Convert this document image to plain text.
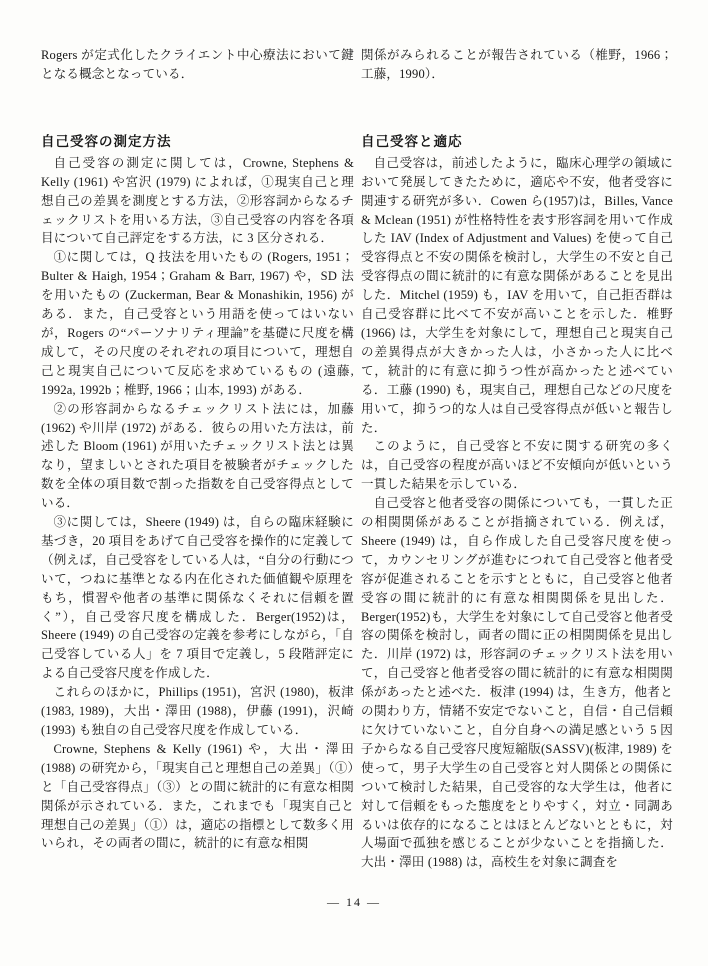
Rogers が定式化したクライエント中心療法において鍵となる概念となっている．

自己受容の測定方法

自己受容の測定に関しては，Crowne, Stephens & Kelly (1961) や宮沢 (1979) によれば，①現実自己と理想自己の差異を測度とする方法，②形容詞からなるチェックリストを用いる方法，③自己受容の内容を各項目について自己評定をする方法，に 3 区分される．

①に関しては，Q 技法を用いたもの (Rogers, 1951；Bulter & Haigh, 1954；Graham & Barr, 1967) や，SD 法を用いたもの (Zuckerman, Bear & Monashikin, 1956) がある．また，自己受容という用語を使ってはいないが，Rogers の“パーソナリティ理論”を基礎に尺度を構成して，その尺度のそれぞれの項目について，理想自己と現実自己について反応を求めているもの (遠藤, 1992a, 1992b；椎野, 1966；山本, 1993) がある．

②の形容詞からなるチェックリスト法には，加藤 (1962) や川岸 (1972) がある．彼らの用いた方法は，前述した Bloom (1961) が用いたチェックリスト法とは異なり，望ましいとされた項目を被験者がチェックした数を全体の項目数で割った指数を自己受容得点としている．

③に関しては，Sheere (1949) は，自らの臨床経験に基づき，20 項目をあげて自己受容を操作的に定義して（例えば，自己受容をしている人は，“自分の行動について，つねに基準となる内在化された価値観や原理をもち，慣習や他者の基準に関係なくそれに信頼を置く”），自己受容尺度を構成した．Berger(1952)は，Sheere (1949) の自己受容の定義を参考にしながら，「自己受容している人」を 7 項目で定義し，5 段階評定による自己受容尺度を作成した．

これらのほかに，Phillips (1951)，宮沢 (1980)，板津 (1983, 1989)，大出・澤田 (1988)，伊藤 (1991)，沢崎 (1993) も独自の自己受容尺度を作成している．

Crowne, Stephens & Kelly (1961) や，大出・澤田 (1988) の研究から，「現実自己と理想自己の差異」（①）と「自己受容得点」（③）との間に統計的に有意な相関関係が示されている．また，これまでも「現実自己と理想自己の差異」（①）は，適応の指標として数多く用いられ，その両者の間に，統計的に有意な相関

関係がみられることが報告されている（椎野，1966；工藤，1990）．

自己受容と適応

自己受容は，前述したように，臨床心理学の領域において発展してきたために，適応や不安，他者受容に関連する研究が多い．Cowen ら(1957)は，Billes, Vance & Mclean (1951) が性格特性を表す形容詞を用いて作成した IAV (Index of Adjustment and Values) を使って自己受容得点と不安の関係を検討し，大学生の不安と自己受容得点の間に統計的に有意な関係があることを見出した．Mitchel (1959) も，IAV を用いて，自己拒否群は自己受容群に比べて不安が高いことを示した．椎野 (1966) は，大学生を対象にして，理想自己と現実自己の差異得点が大きかった人は，小さかった人に比べて，統計的に有意に抑うつ性が高かったと述べている．工藤 (1990) も，現実自己，理想自己などの尺度を用いて，抑うつ的な人は自己受容得点が低いと報告した．

このように，自己受容と不安に関する研究の多くは，自己受容の程度が高いほど不安傾向が低いという一貫した結果を示している．

自己受容と他者受容の関係についても，一貫した正の相関関係があることが指摘されている．例えば，Sheere (1949) は，自ら作成した自己受容尺度を使って，カウンセリングが進むにつれて自己受容と他者受容が促進されることを示すとともに，自己受容と他者受容の間に統計的に有意な相関関係を見出した．Berger(1952)も，大学生を対象にして自己受容と他者受容の関係を検討し，両者の間に正の相関関係を見出した．川岸 (1972) は，形容詞のチェックリスト法を用いて，自己受容と他者受容の間に統計的に有意な相関関係があったと述べた．板津 (1994) は，生き方，他者との関わり方，情緒不安定でないこと，自信・自己信頼に欠けていないこと，自分自身への満足感という 5 因子からなる自己受容尺度短縮版(SASSV)(板津, 1989) を使って，男子大学生の自己受容と対人関係との関係について検討した結果，自己受容的な大学生は，他者に対して信頼をもった態度をとりやすく，対立・同調あるいは依存的になることはほとんどないとともに，対人場面で孤独を感じることが少ないことを指摘した．大出・澤田 (1988) は，高校生を対象に調査を

— 14 —
